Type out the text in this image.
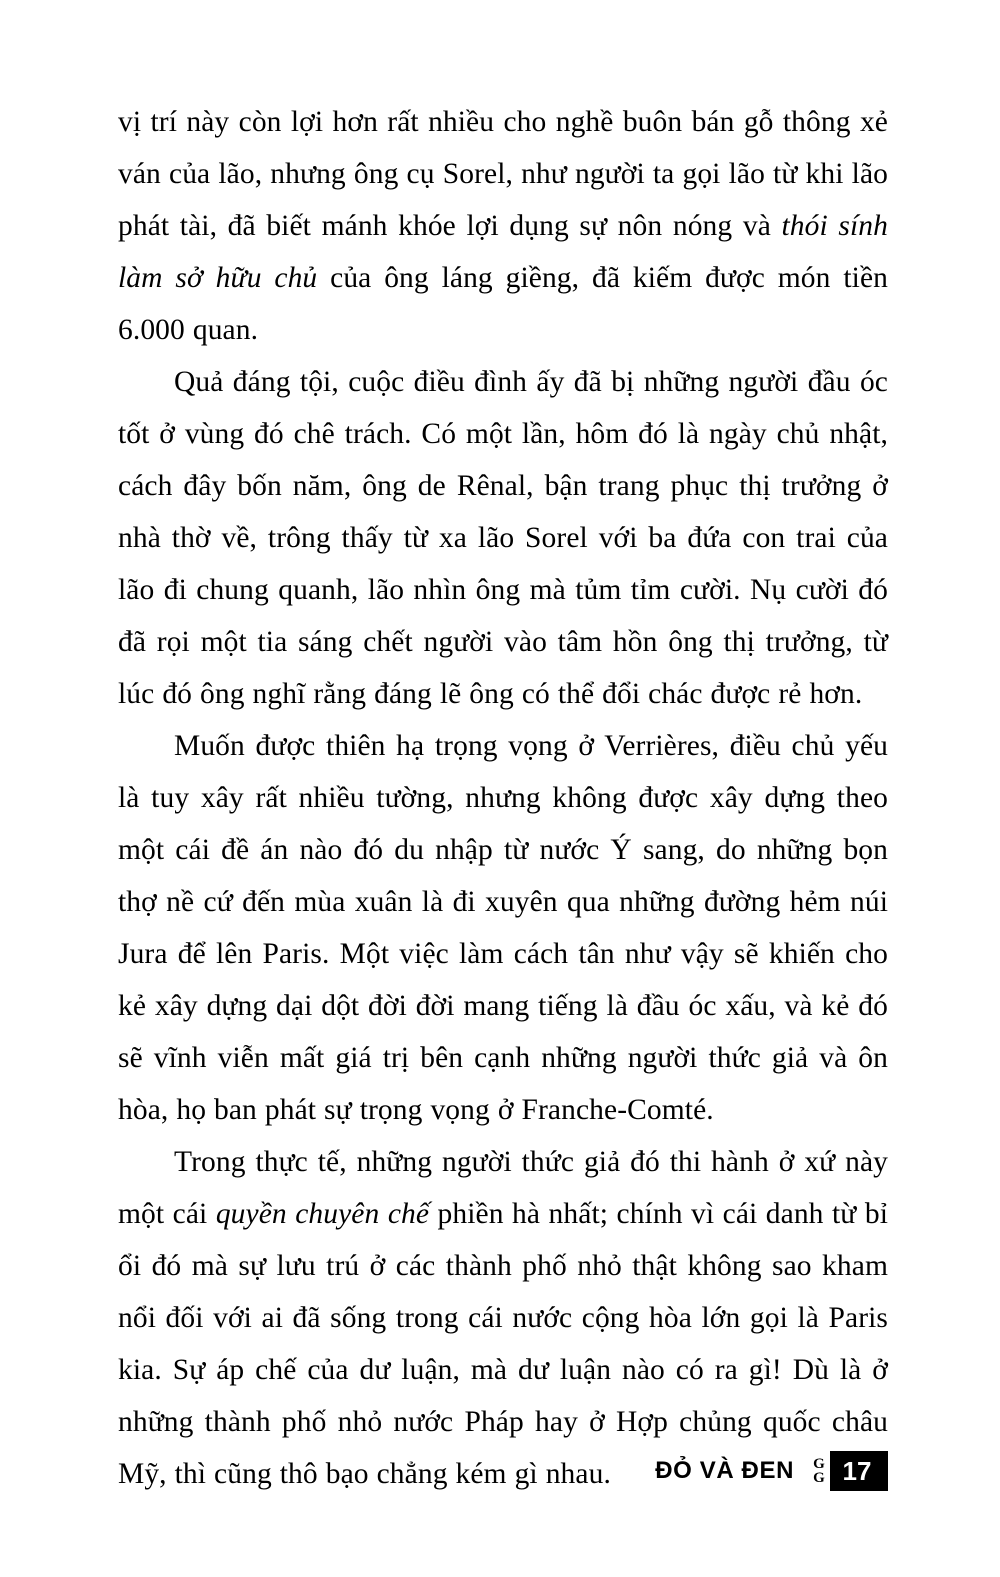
vị trí này còn lợi hơn rất nhiều cho nghề buôn bán gỗ thông xẻ ván của lão, nhưng ông cụ Sorel, như người ta gọi lão từ khi lão phát tài, đã biết mánh khóe lợi dụng sự nôn nóng và thói sính làm sở hữu chủ của ông láng giềng, đã kiếm được món tiền 6.000 quan.

Quả đáng tội, cuộc điều đình ấy đã bị những người đầu óc tốt ở vùng đó chê trách. Có một lần, hôm đó là ngày chủ nhật, cách đây bốn năm, ông de Rênal, bận trang phục thị trưởng ở nhà thờ về, trông thấy từ xa lão Sorel với ba đứa con trai của lão đi chung quanh, lão nhìn ông mà tủm tỉm cười. Nụ cười đó đã rọi một tia sáng chết người vào tâm hồn ông thị trưởng, từ lúc đó ông nghĩ rằng đáng lẽ ông có thể đổi chác được rẻ hơn.

Muốn được thiên hạ trọng vọng ở Verrières, điều chủ yếu là tuy xây rất nhiều tường, nhưng không được xây dựng theo một cái đề án nào đó du nhập từ nước Ý sang, do những bọn thợ nề cứ đến mùa xuân là đi xuyên qua những đường hẻm núi Jura để lên Paris. Một việc làm cách tân như vậy sẽ khiến cho kẻ xây dựng dại dột đời đời mang tiếng là đầu óc xấu, và kẻ đó sẽ vĩnh viễn mất giá trị bên cạnh những người thức giả và ôn hòa, họ ban phát sự trọng vọng ở Franche-Comté.

Trong thực tế, những người thức giả đó thi hành ở xứ này một cái quyền chuyên chế phiền hà nhất; chính vì cái danh từ bỉ ổi đó mà sự lưu trú ở các thành phố nhỏ thật không sao kham nổi đối với ai đã sống trong cái nước cộng hòa lớn gọi là Paris kia. Sự áp chế của dư luận, mà dư luận nào có ra gì! Dù là ở những thành phố nhỏ nước Pháp hay ở Hợp chủng quốc châu Mỹ, thì cũng thô bạo chẳng kém gì nhau.	ĐỎ VÀ ĐEN G
G 17
